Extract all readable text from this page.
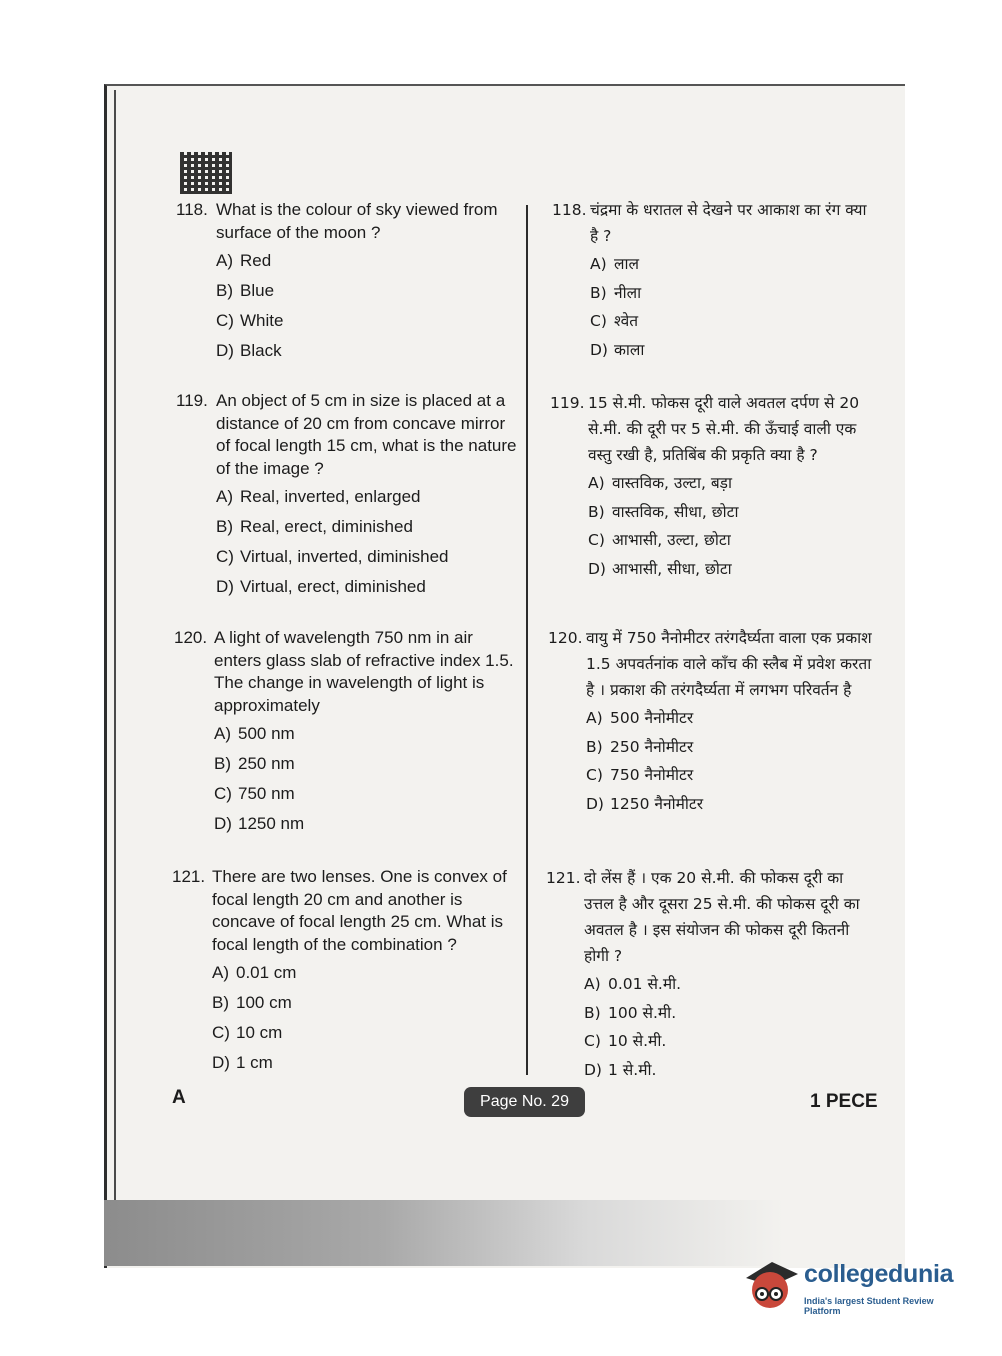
118. What is the colour of sky viewed from surface of the moon ?
A) Red
B) Blue
C) White
D) Black
119. An object of 5 cm in size is placed at a distance of 20 cm from concave mirror of focal length 15 cm, what is the nature of the image ?
A) Real, inverted, enlarged
B) Real, erect, diminished
C) Virtual, inverted, diminished
D) Virtual, erect, diminished
120. A light of wavelength 750 nm in air enters glass slab of refractive index 1.5. The change in wavelength of light is approximately
A) 500 nm
B) 250 nm
C) 750 nm
D) 1250 nm
121. There are two lenses. One is convex of focal length 20 cm and another is concave of focal length 25 cm. What is focal length of the combination ?
A) 0.01 cm
B) 100 cm
C) 10 cm
D) 1 cm
118. चंद्रमा के धरातल से देखने पर आकाश का रंग क्या है ?
A) लाल
B) नीला
C) श्वेत
D) काला
119. 15 से.मी. फोकस दूरी वाले अवतल दर्पण से 20 से.मी. की दूरी पर 5 से.मी. की ऊँचाई वाली एक वस्तु रखी है, प्रतिबिंब की प्रकृति क्या है ?
A) वास्तविक, उल्टा, बड़ा
B) वास्तविक, सीधा, छोटा
C) आभासी, उल्टा, छोटा
D) आभासी, सीधा, छोटा
120. वायु में 750 नैनोमीटर तरंगदैर्घ्यता वाला एक प्रकाश 1.5 अपवर्तनांक वाले काँच की स्लैब में प्रवेश करता है । प्रकाश की तरंगदैर्घ्यता में लगभग परिवर्तन है
A) 500 नैनोमीटर
B) 250 नैनोमीटर
C) 750 नैनोमीटर
D) 1250 नैनोमीटर
121. दो लेंस हैं । एक 20 से.मी. की फोकस दूरी का उत्तल है और दूसरा 25 से.मी. की फोकस दूरी का अवतल है । इस संयोजन की फोकस दूरी कितनी होगी ?
A) 0.01 से.मी.
B) 100 से.मी.
C) 10 से.मी.
D) 1 से.मी.
A	Page No. 29	1 PECE
collegedunia
India's largest Student Review Platform
